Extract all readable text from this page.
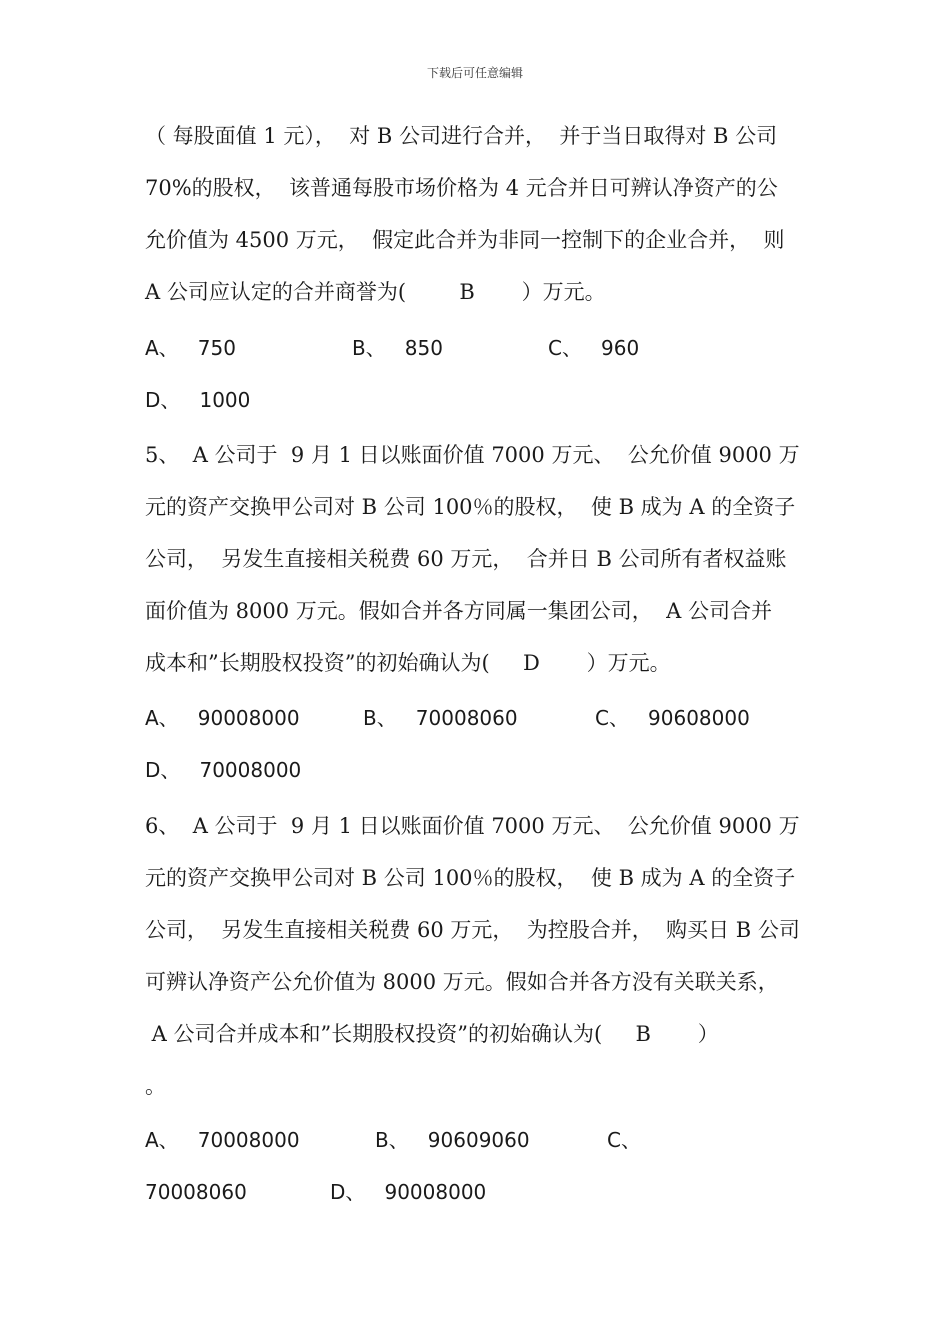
下载后可任意编辑
（ 每股面值 1 元），  对 B 公司进行合并，  并于当日取得对 B 公司
70%的股权，  该普通每股市场价格为 4 元合并日可辨认净资产的公
允价值为 4500 万元，  假定此合并为非同一控制下的企业合并，  则
A 公司应认定的合并商誉为(        B       ）万元。
A、   750	B、   850	C、   960
D、   1000
5、  A 公司于  9 月 1 日以账面价值 7000 万元、  公允价值 9000 万
元的资产交换甲公司对 B 公司 100％的股权，  使 B 成为 A 的全资子
公司，  另发生直接相关税费 60 万元，  合并日 B 公司所有者权益账
面价值为 8000 万元。假如合并各方同属一集团公司，  A 公司合并
成本和”长期股权投资”的初始确认为(     D       ）万元。
A、   90008000	B、   70008060	C、   90608000
D、   70008000
6、  A 公司于  9 月 1 日以账面价值 7000 万元、  公允价值 9000 万
元的资产交换甲公司对 B 公司 100％的股权，  使 B 成为 A 的全资子
公司，  另发生直接相关税费 60 万元，  为控股合并，  购买日 B 公司
可辨认净资产公允价值为 8000 万元。假如合并各方没有关联关系，
A 公司合并成本和”长期股权投资”的初始确认为(     B       ）
。
A、   70008000	B、   90609060	C、
70008060	D、   90008000
